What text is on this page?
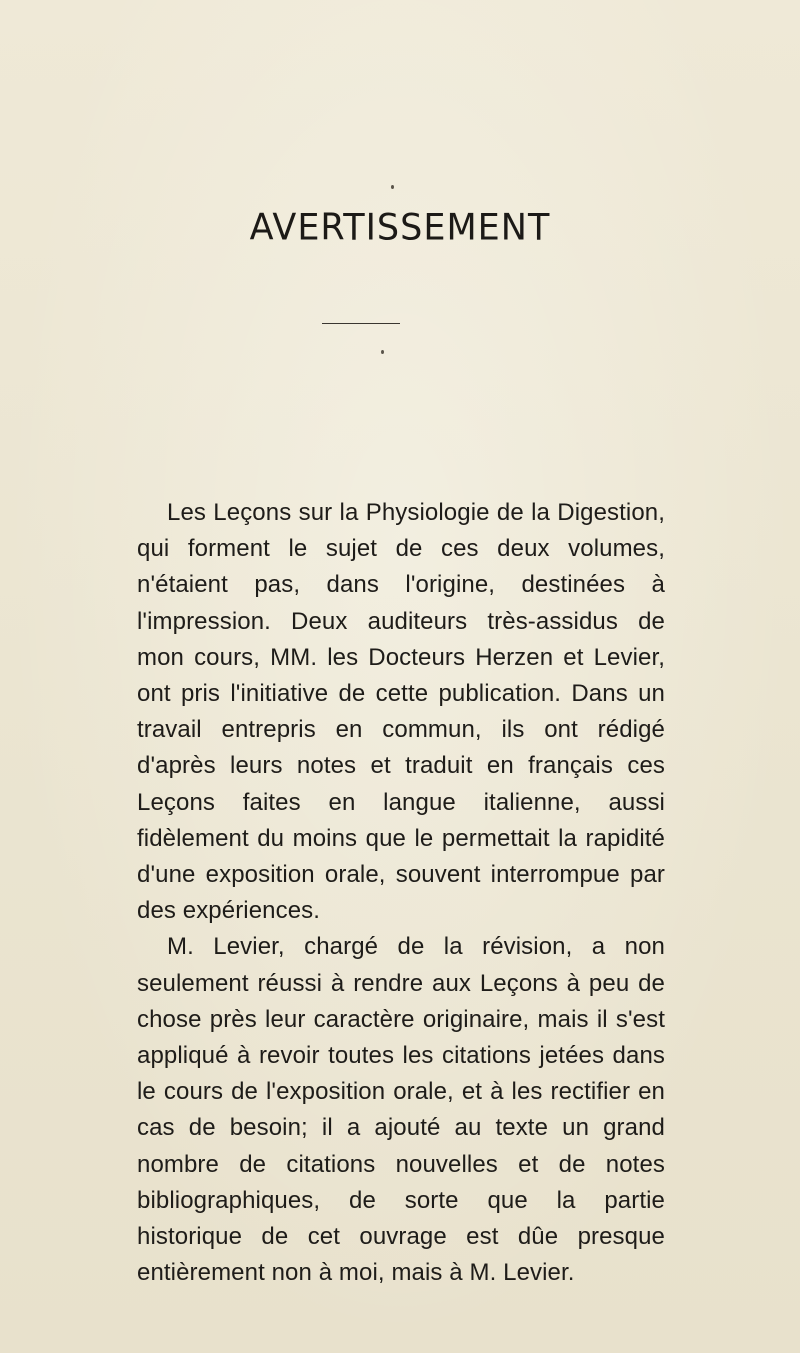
AVERTISSEMENT

Les Leçons sur la Physiologie de la Digestion, qui forment le sujet de ces deux volumes, n'étaient pas, dans l'origine, destinées à l'impression. Deux auditeurs très-assidus de mon cours, MM. les Docteurs Herzen et Levier, ont pris l'initiative de cette publication. Dans un travail entrepris en commun, ils ont rédigé d'après leurs notes et traduit en français ces Leçons faites en langue italienne, aussi fidèlement du moins que le permettait la rapidité d'une exposition orale, souvent interrompue par des expériences.

M. Levier, chargé de la révision, a non seulement réussi à rendre aux Leçons à peu de chose près leur caractère originaire, mais il s'est appliqué à revoir toutes les citations jetées dans le cours de l'exposition orale, et à les rectifier en cas de besoin; il a ajouté au texte un grand nombre de citations nouvelles et de notes bibliographiques, de sorte que la partie historique de cet ouvrage est dûe presque entièrement non à moi, mais à M. Levier.
